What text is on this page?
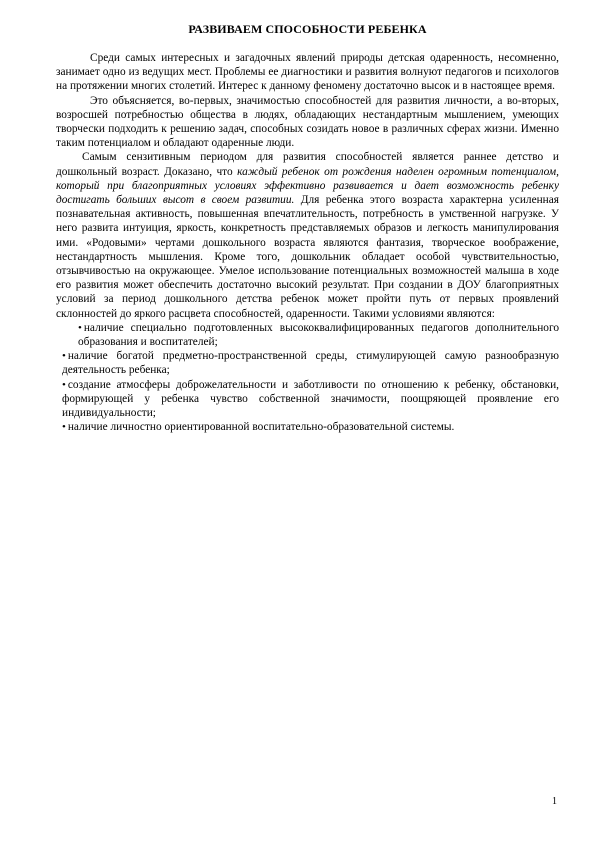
РАЗВИВАЕМ СПОСОБНОСТИ РЕБЕНКА

Среди самых интересных и загадочных явлений природы детская одаренность, несомненно, занимает одно из ведущих мест. Проблемы ее диагностики и развития волнуют педагогов и психологов на протяжении многих столетий. Интерес к данному феномену достаточно высок и в настоящее время.

Это объясняется, во-первых, значимостью способностей для развития личности, а во-вторых, возросшей потребностью общества в людях, обладающих нестандартным мышлением, умеющих творчески подходить к решению задач, способных созидать новое в различных сферах жизни. Именно таким потенциалом и обладают одаренные люди.

Самым сензитивным периодом для развития способностей является раннее детство и дошкольный возраст. Доказано, что каждый ребенок от рождения наделен огромным потенциалом, который при благоприятных условиях эффективно развивается и дает возможность ребенку достигать больших высот в своем развитии. Для ребенка этого возраста характерна усиленная познавательная активность, повышенная впечатлительность, потребность в умственной нагрузке. У него развита интуиция, яркость, конкретность представляемых образов и легкость манипулирования ими. «Родовыми» чертами дошкольного возраста являются фантазия, творческое воображение, нестандартность мышления. Кроме того, дошкольник обладает особой чувствительностью, отзывчивостью на окружающее. Умелое использование потенциальных возможностей малыша в ходе его развития может обеспечить достаточно высокий результат. При создании в ДОУ благоприятных условий за период дошкольного детства ребенок может пройти путь от первых проявлений склонностей до яркого расцвета способностей, одаренности. Такими условиями являются:

• наличие специально подготовленных высококвалифицированных педагогов дополнительного образования и воспитателей;
• наличие богатой предметно-пространственной среды, стимулирующей самую разнообразную деятельность ребенка;
• создание атмосферы доброжелательности и заботливости по отношению к ребенку, обстановки, формирующей у ребенка чувство собственной значимости, поощряющей проявление его индивидуальности;
• наличие личностно ориентированной воспитательно-образовательной системы.
1
